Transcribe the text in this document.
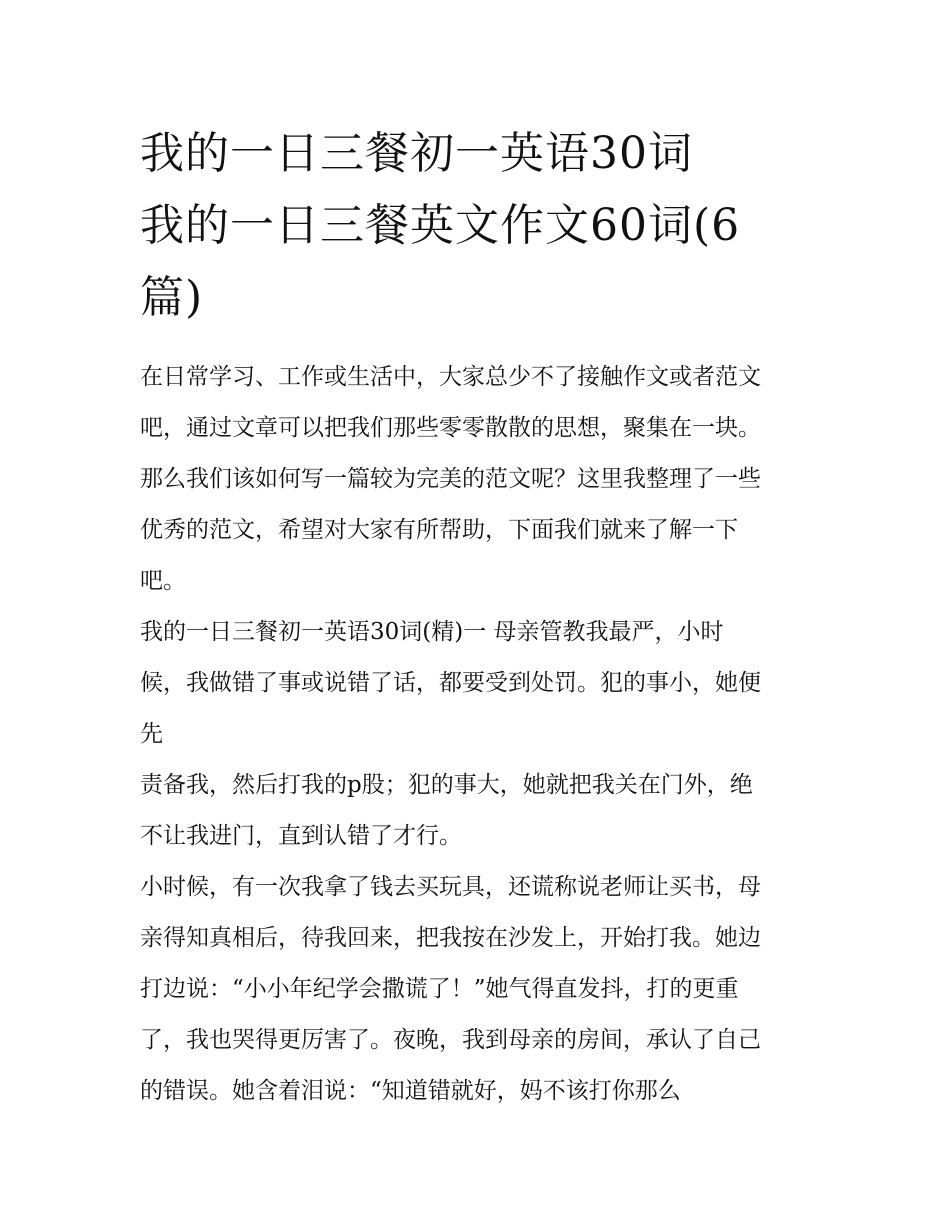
我的一日三餐初一英语30词
我的一日三餐英文作文60词(6
篇)

在日常学习、工作或生活中，大家总少不了接触作文或者范文
吧，通过文章可以把我们那些零零散散的思想，聚集在一块。
那么我们该如何写一篇较为完美的范文呢？这里我整理了一些
优秀的范文，希望对大家有所帮助，下面我们就来了解一下
吧。

我的一日三餐初一英语30词(精)一 母亲管教我最严，小时
候，我做错了事或说错了话，都要受到处罚。犯的事小，她便
先

责备我，然后打我的p股；犯的事大，她就把我关在门外，绝
不让我进门，直到认错了才行。

小时候，有一次我拿了钱去买玩具，还谎称说老师让买书，母
亲得知真相后，待我回来，把我按在沙发上，开始打我。她边
打边说：“小小年纪学会撒谎了！”她气得直发抖，打的更重
了，我也哭得更厉害了。夜晚，我到母亲的房间，承认了自己
的错误。她含着泪说：“知道错就好，妈不该打你那么
